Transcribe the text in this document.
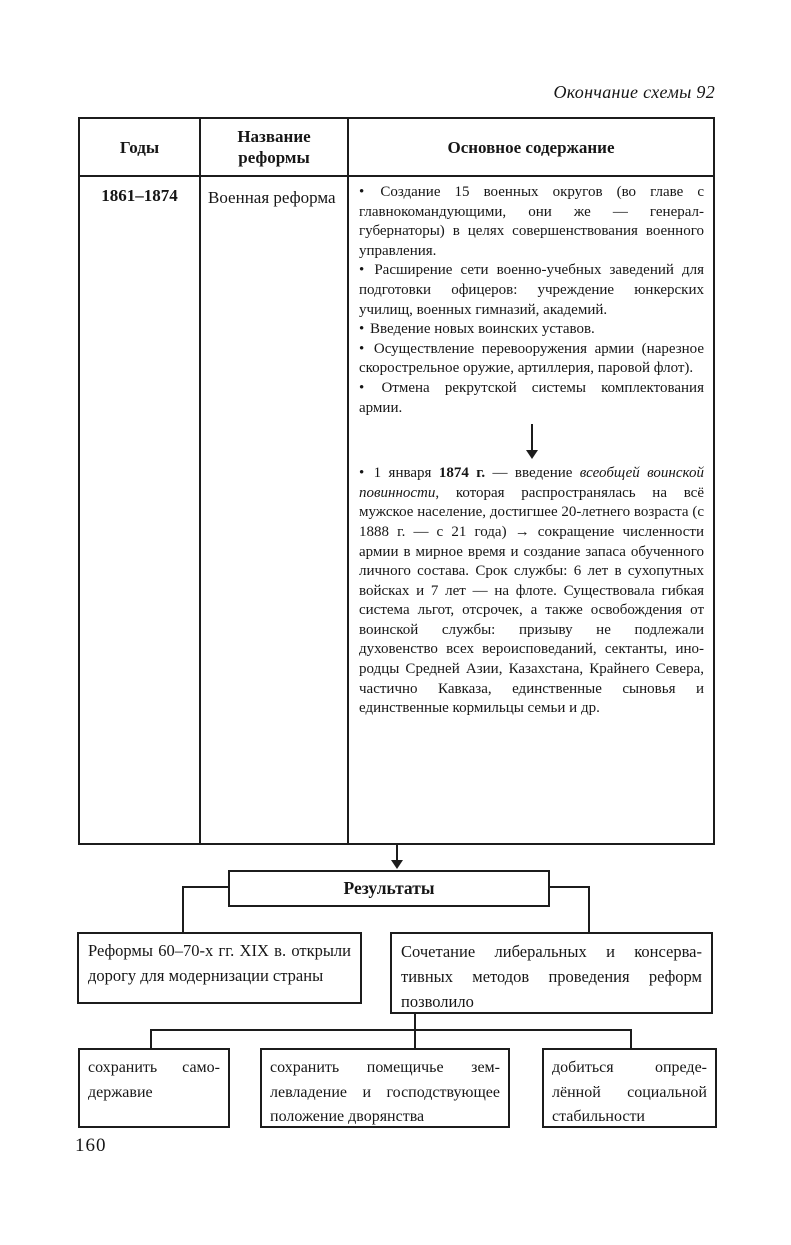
Окончание схемы 92
Годы
Название реформы
Основное содержание
1861–1874	Военная реформа	• Создание 15 военных округов (во главе с главнокомандующими, они же — генерал-губернаторы) в целях совершенствования военного управления.
• Расширение сети военно-учебных заведений для подготовки офицеров: учреждение юнкерских училищ, военных гимназий, академий.
• Введение новых воинских уставов.
• Осуществление перевооружения армии (нарезное скорострельное оружие, артиллерия, паровой флот).
• Отмена рекрутской системы комплектования армии.
• 1 января 1874 г. — введение всеобщей воинской повинности, которая распространялась на всё мужское население, достигшее 20-летнего возраста (с 1888 г. — с 21 года) → сокращение численности армии в мирное время и создание запаса обученного личного состава. Срок службы: 6 лет в сухопутных войсках и 7 лет — на флоте. Существовала гибкая система льгот, отсрочек, а также освобождения от воинской службы: призыву не подлежали духовенство всех вероисповеданий, сектанты, инородцы Средней Азии, Казахстана, Крайнего Севера, частично Кавказа, единственные сыновья и единственные кормильцы семьи и др.
Результаты
Реформы 60–70-х гг. XIX в. открыли дорогу для модернизации страны
Сочетание либеральных и консервативных методов проведения реформ позволило
сохранить самодержавие
сохранить помещичье землевладение и господствующее положение дворянства
добиться определённой социальной стабильности
160
